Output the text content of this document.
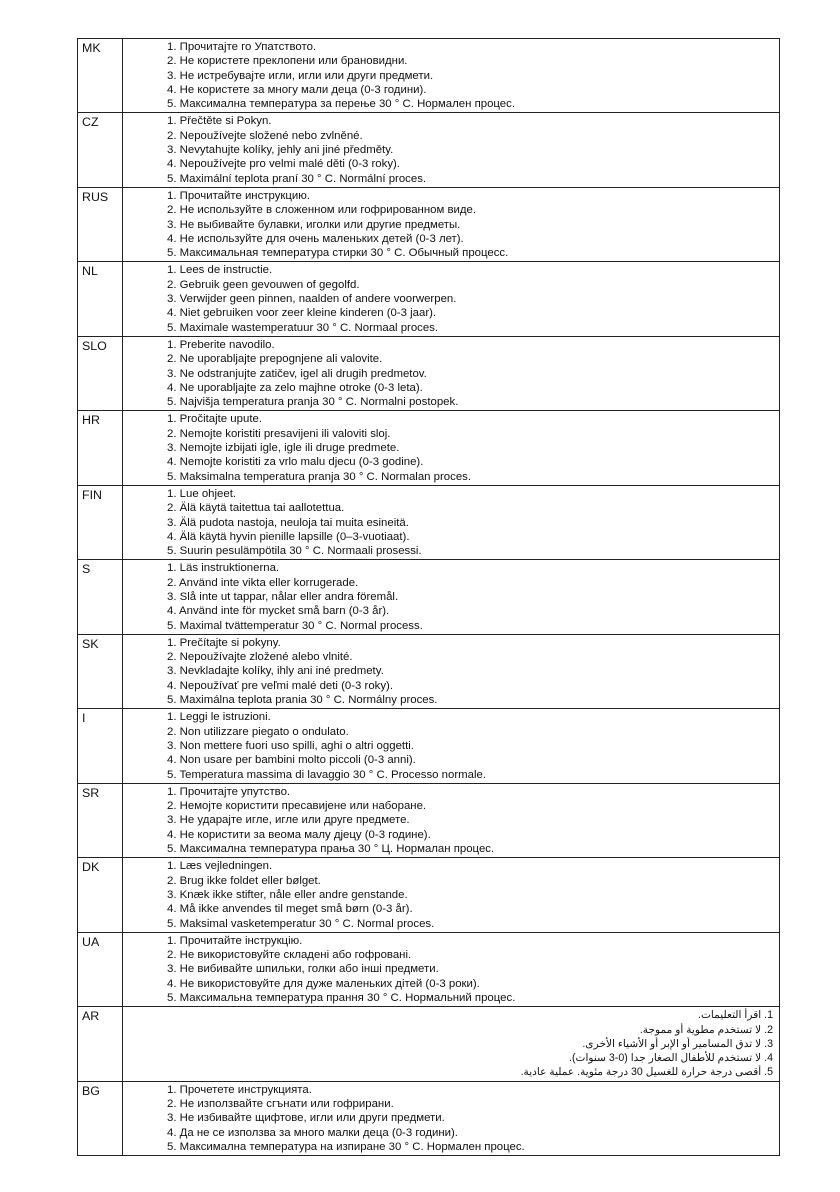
MK	1. Прочитајте го Упатството.
2. Не користете преклопени или брановидни.
3. Не истребувајте игли, игли или други предмети.
4. Не користете за многу мали деца (0-3 години).
5. Максимална температура за перење 30 ° С. Нормален процес.

CZ	1. Přečtěte si Pokyn.
2. Nepoužívejte složené nebo zvlněné.
3. Nevytahujte kolíky, jehly ani jiné předměty.
4. Nepoužívejte pro velmi malé děti (0-3 roky).
5. Maximální teplota praní 30 ° C. Normální proces.

RUS	1. Прочитайте инструкцию.
2. Не используйте в сложенном или гофрированном виде.
3. Не выбивайте булавки, иголки или другие предметы.
4. Не используйте для очень маленьких детей (0-3 лет).
5. Максимальная температура стирки 30 ° С. Обычный процесс.

NL	1. Lees de instructie.
2. Gebruik geen gevouwen of gegolfd.
3. Verwijder geen pinnen, naalden of andere voorwerpen.
4. Niet gebruiken voor zeer kleine kinderen (0-3 jaar).
5. Maximale wastemperatuur 30 ° C. Normaal proces.

SLO	1. Preberite navodilo.
2. Ne uporabljajte prepognjene ali valovite.
3. Ne odstranjujte zatičev, igel ali drugih predmetov.
4. Ne uporabljajte za zelo majhne otroke (0-3 leta).
5. Najvišja temperatura pranja 30 ° C. Normalni postopek.

HR	1. Pročitajte upute.
2. Nemojte koristiti presavijeni ili valoviti sloj.
3. Nemojte izbijati igle, igle ili druge predmete.
4. Nemojte koristiti za vrlo malu djecu (0-3 godine).
5. Maksimalna temperatura pranja 30 ° C. Normalan proces.

FIN	1. Lue ohjeet.
2. Älä käytä taitettua tai aallotettua.
3. Älä pudota nastoja, neuloja tai muita esineitä.
4. Älä käytä hyvin pienille lapsille (0–3-vuotiaat).
5. Suurin pesulämpötila 30 ° C. Normaali prosessi.

S	1. Läs instruktionerna.
2. Använd inte vikta eller korrugerade.
3. Slå inte ut tappar, nålar eller andra föremål.
4. Använd inte för mycket små barn (0-3 år).
5. Maximal tvättemperatur 30 ° C. Normal process.

SK	1. Prečítajte si pokyny.
2. Nepoužívajte zložené alebo vlnité.
3. Nevkladajte kolíky, ihly ani iné predmety.
4. Nepoužívať pre veľmi malé deti (0-3 roky).
5. Maximálna teplota prania 30 ° C. Normálny proces.

I	1. Leggi le istruzioni.
2. Non utilizzare piegato o ondulato.
3. Non mettere fuori uso spilli, aghi o altri oggetti.
4. Non usare per bambini molto piccoli (0-3 anni).
5. Temperatura massima di lavaggio 30 ° C. Processo normale.

SR	1. Прочитајте упутство.
2. Немојте користити пресавијене или набоpане.
3. Не ударајте игле, игле или друге предмете.
4. Не користити за веома малу дјецу (0-3 године).
5. Максимална температура прања 30 ° Ц. Нормалан процес.

DK	1. Læs vejledningen.
2. Brug ikke foldet eller bølget.
3. Knæk ikke stifter, nåle eller andre genstande.
4. Må ikke anvendes til meget små børn (0-3 år).
5. Maksimal vasketemperatur 30 ° C. Normal proces.

UA	1. Прочитайте інструкцію.
2. Не використовуйте складені або гофровані.
3. Не вибивайте шпильки, голки або інші предмети.
4. Не використовуйте для дуже маленьких дітей (0-3 роки).
5. Максимальна температура прання 30 ° С. Нормальний процес.

AR	1. اقرأ التعليمات.
2. لا تستخدم مطوية أو مموجة.
3. لا تدق المسامير أو الإبر أو الأشياء الأخرى.
4. لا تستخدم للأطفال الصغار جدا (0-3 سنوات).
5. أقصى درجة حرارة للغسيل 30 درجة مئوية. عملية عادية.

BG	1. Прочетете инструкцията.
2. Не използвайте сгънати или гофрирани.
3. Не избивайте щифтове, игли или други предмети.
4. Да не се използва за много малки деца (0-3 години).
5. Максимална температура на изпиране 30 ° С. Нормален процес.
